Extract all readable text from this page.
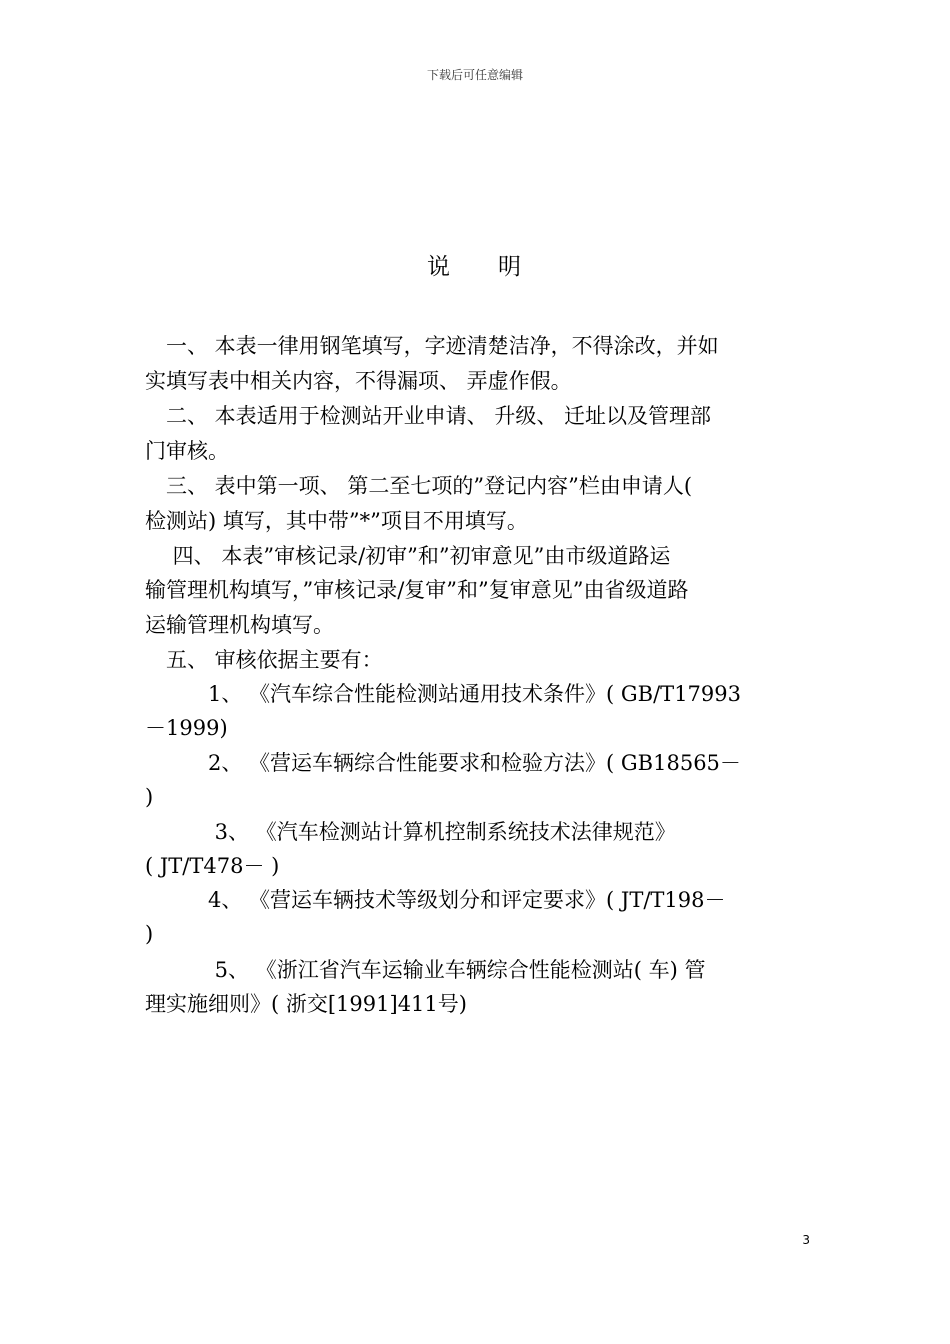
下载后可任意编辑
说 明
　一、 本表一律用钢笔填写，字迹清楚洁净，不得涂改，并如
实填写表中相关内容，不得漏项、 弄虚作假。
　二、 本表适用于检测站开业申请、 升级、 迁址以及管理部
门审核。
　三、 表中第一项、 第二至七项的”登记内容”栏由申请人(
检测站) 填写，其中带”*”项目不用填写。
　 四、 本表”审核记录/初审”和”初审意见”由市级道路运
输管理机构填写，”审核记录/复审”和”复审意见”由省级道路
运输管理机构填写。
　五、 审核依据主要有：
　　　1、 《汽车综合性能检测站通用技术条件》( GB/T17993
－1999)
　　　2、 《营运车辆综合性能要求和检验方法》( GB18565－
)
　　　 3、 《汽车检测站计算机控制系统技术法律规范》
( JT/T478－ )
　　　4、 《营运车辆技术等级划分和评定要求》( JT/T198－
)
　　　 5、 《浙江省汽车运输业车辆综合性能检测站( 车) 管
理实施细则》( 浙交[1991]411号)
3
